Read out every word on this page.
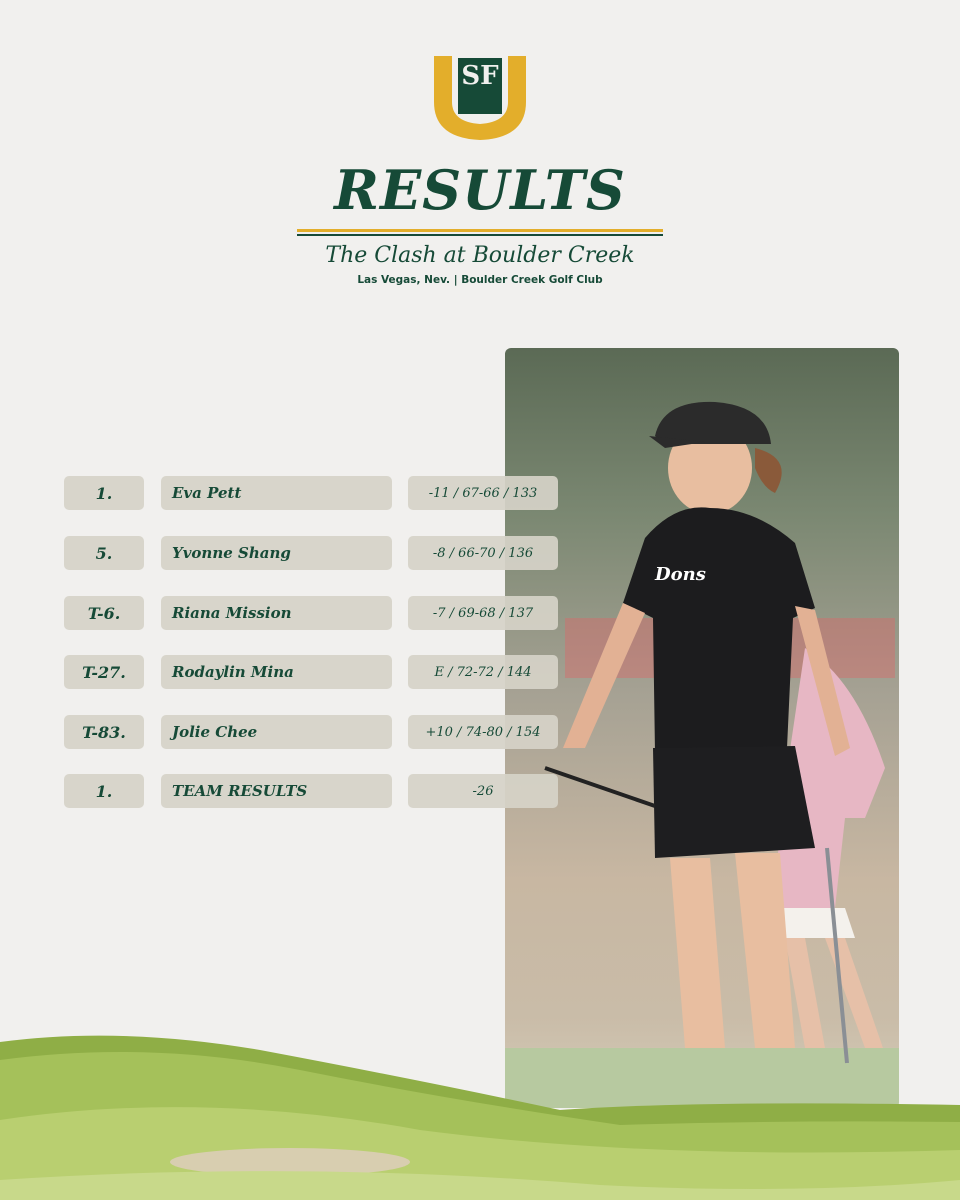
SF
RESULTS
The Clash at Boulder Creek
Las Vegas, Nev. | Boulder Creek Golf Club
Dons
1.	Eva Pett	-11 / 67-66 / 133
5.	Yvonne Shang	-8 / 66-70 / 136
T-6.	Riana Mission	-7 / 69-68 / 137
T-27.	Rodaylin Mina	E / 72-72 / 144
T-83.	Jolie Chee	+10 / 74-80 / 154
1.	TEAM RESULTS	-26
